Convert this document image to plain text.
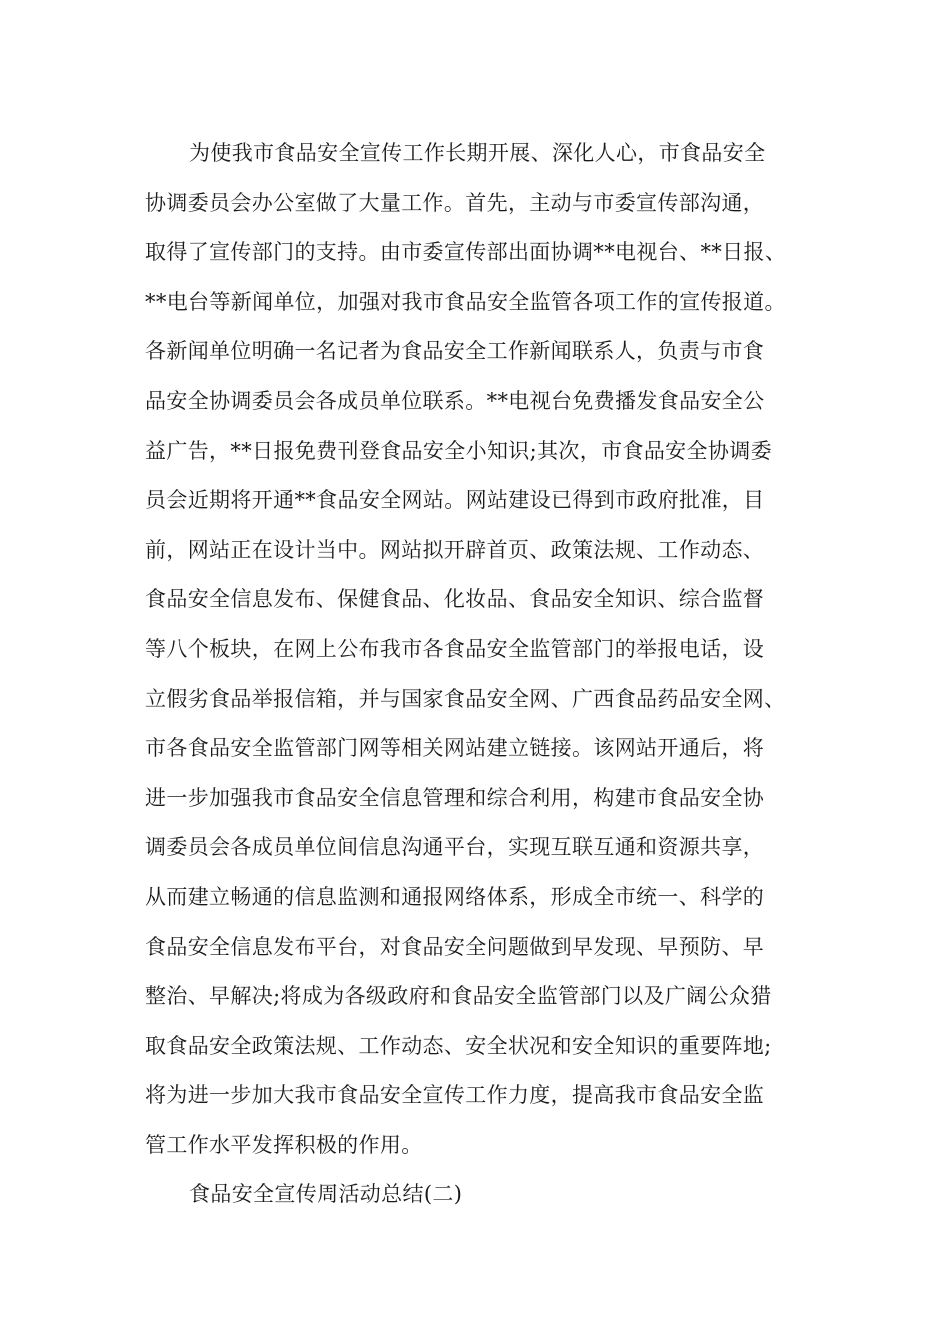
为使我市食品安全宣传工作长期开展、深化人心，市食品安全
协调委员会办公室做了大量工作。首先，主动与市委宣传部沟通，
取得了宣传部门的支持。由市委宣传部出面协调**电视台、**日报、
**电台等新闻单位，加强对我市食品安全监管各项工作的宣传报道。
各新闻单位明确一名记者为食品安全工作新闻联系人，负责与市食
品安全协调委员会各成员单位联系。**电视台免费播发食品安全公
益广告，**日报免费刊登食品安全小知识;其次，市食品安全协调委
员会近期将开通**食品安全网站。网站建设已得到市政府批准，目
前，网站正在设计当中。网站拟开辟首页、政策法规、工作动态、
食品安全信息发布、保健食品、化妆品、食品安全知识、综合监督
等八个板块，在网上公布我市各食品安全监管部门的举报电话，设
立假劣食品举报信箱，并与国家食品安全网、广西食品药品安全网、
市各食品安全监管部门网等相关网站建立链接。该网站开通后，将
进一步加强我市食品安全信息管理和综合利用，构建市食品安全协
调委员会各成员单位间信息沟通平台，实现互联互通和资源共享，
从而建立畅通的信息监测和通报网络体系，形成全市统一、科学的
食品安全信息发布平台，对食品安全问题做到早发现、早预防、早
整治、早解决;将成为各级政府和食品安全监管部门以及广阔公众猎
取食品安全政策法规、工作动态、安全状况和安全知识的重要阵地;
将为进一步加大我市食品安全宣传工作力度，提高我市食品安全监
管工作水平发挥积极的作用。
食品安全宣传周活动总结(二)
